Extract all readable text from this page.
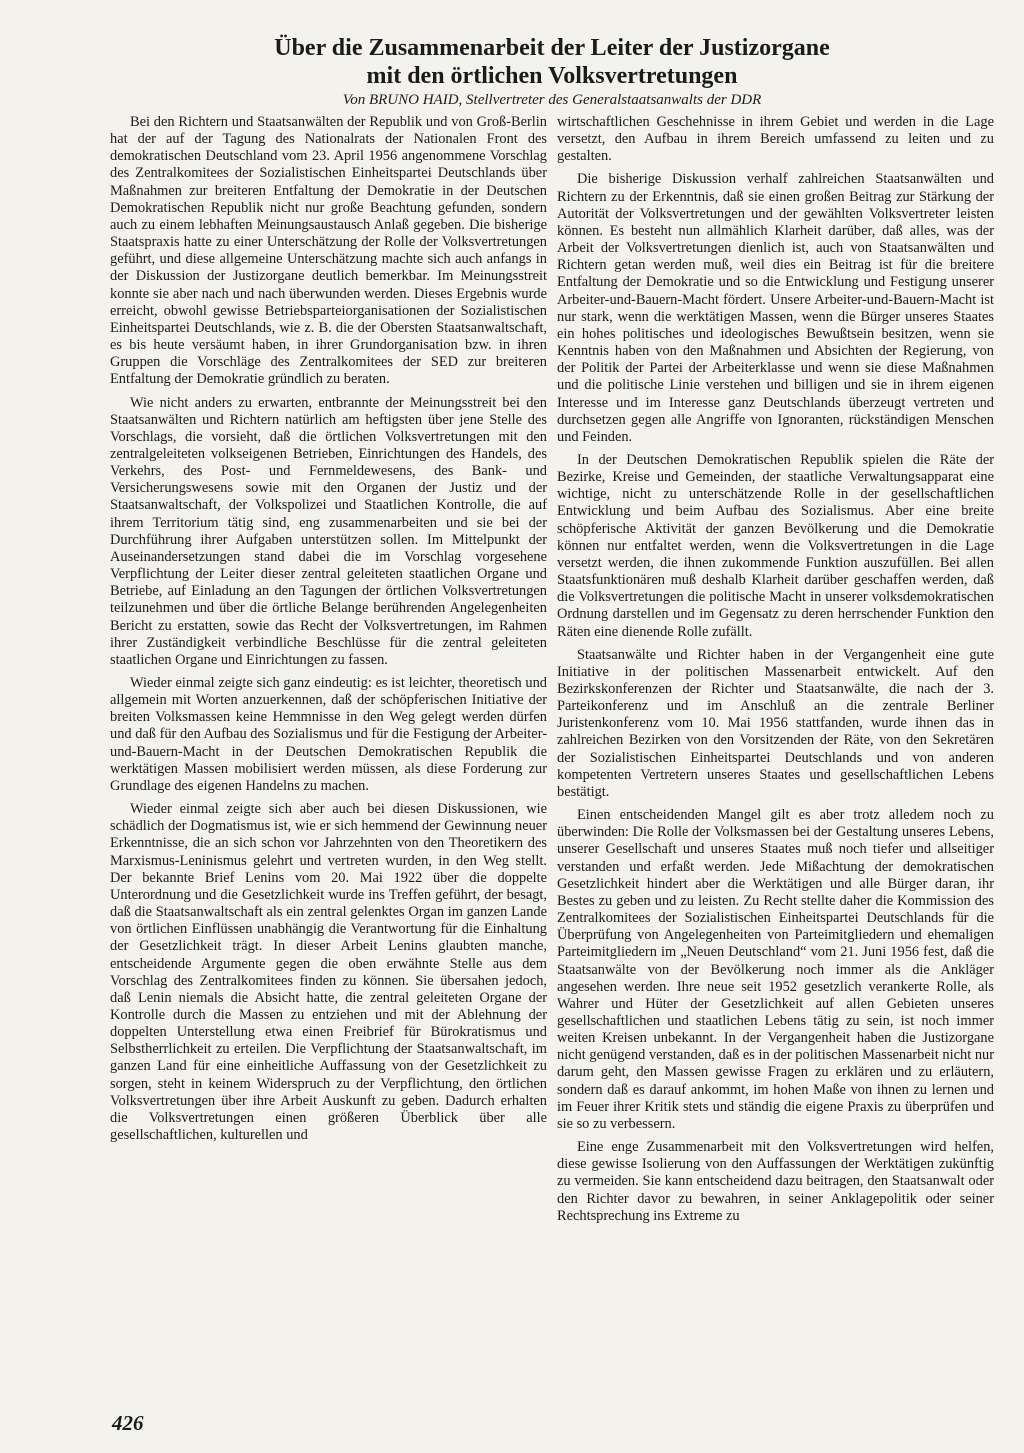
Über die Zusammenarbeit der Leiter der Justizorgane
mit den örtlichen Volksvertretungen

Von BRUNO HAID, Stellvertreter des Generalstaatsanwalts der DDR

Bei den Richtern und Staatsanwälten der Republik und von Groß-Berlin hat der auf der Tagung des Nationalrats der Nationalen Front des demokratischen Deutschland vom 23. April 1956 angenommene Vorschlag des Zentralkomitees der Sozialistischen Einheitspartei Deutschlands über Maßnahmen zur breiteren Entfaltung der Demokratie in der Deutschen Demokratischen Republik nicht nur große Beachtung gefunden, sondern auch zu einem lebhaften Meinungsaustausch Anlaß gegeben. Die bisherige Staatspraxis hatte zu einer Unterschätzung der Rolle der Volksvertretungen geführt, und diese allgemeine Unterschätzung machte sich auch anfangs in der Diskussion der Justizorgane deutlich bemerkbar. Im Meinungsstreit konnte sie aber nach und nach überwunden werden. Dieses Ergebnis wurde erreicht, obwohl gewisse Betriebsparteiorganisationen der Sozialistischen Einheitspartei Deutschlands, wie z. B. die der Obersten Staatsanwaltschaft, es bis heute versäumt haben, in ihrer Grundorganisation bzw. in ihren Gruppen die Vorschläge des Zentralkomitees der SED zur breiteren Entfaltung der Demokratie gründlich zu beraten.

Wie nicht anders zu erwarten, entbrannte der Meinungsstreit bei den Staatsanwälten und Richtern natürlich am heftigsten über jene Stelle des Vorschlags, die vorsieht, daß die örtlichen Volksvertretungen mit den zentralgeleiteten volkseigenen Betrieben, Einrichtungen des Handels, des Verkehrs, des Post- und Fernmeldewesens, des Bank- und Versicherungswesens sowie mit den Organen der Justiz und der Staatsanwaltschaft, der Volkspolizei und Staatlichen Kontrolle, die auf ihrem Territorium tätig sind, eng zusammenarbeiten und sie bei der Durchführung ihrer Aufgaben unterstützen sollen. Im Mittelpunkt der Auseinandersetzungen stand dabei die im Vorschlag vorgesehene Verpflichtung der Leiter dieser zentral geleiteten staatlichen Organe und Betriebe, auf Einladung an den Tagungen der örtlichen Volksvertretungen teilzunehmen und über die örtliche Belange berührenden Angelegenheiten Bericht zu erstatten, sowie das Recht der Volksvertretungen, im Rahmen ihrer Zuständigkeit verbindliche Beschlüsse für die zentral geleiteten staatlichen Organe und Einrichtungen zu fassen.

Wieder einmal zeigte sich ganz eindeutig: es ist leichter, theoretisch und allgemein mit Worten anzuerkennen, daß der schöpferischen Initiative der breiten Volksmassen keine Hemmnisse in den Weg gelegt werden dürfen und daß für den Aufbau des Sozialismus und für die Festigung der Arbeiter-und-Bauern-Macht in der Deutschen Demokratischen Republik die werktätigen Massen mobilisiert werden müssen, als diese Forderung zur Grundlage des eigenen Handelns zu machen.

Wieder einmal zeigte sich aber auch bei diesen Diskussionen, wie schädlich der Dogmatismus ist, wie er sich hemmend der Gewinnung neuer Erkenntnisse, die an sich schon vor Jahrzehnten von den Theoretikern des Marxismus-Leninismus gelehrt und vertreten wurden, in den Weg stellt. Der bekannte Brief Lenins vom 20. Mai 1922 über die doppelte Unterordnung und die Gesetzlichkeit wurde ins Treffen geführt, der besagt, daß die Staatsanwaltschaft als ein zentral gelenktes Organ im ganzen Lande von örtlichen Einflüssen unabhängig die Verantwortung für die Einhaltung der Gesetzlichkeit trägt. In dieser Arbeit Lenins glaubten manche, entscheidende Argumente gegen die oben erwähnte Stelle aus dem Vorschlag des Zentralkomitees finden zu können. Sie übersahen jedoch, daß Lenin niemals die Absicht hatte, die zentral geleiteten Organe der Kontrolle durch die Massen zu entziehen und mit der Ablehnung der doppelten Unterstellung etwa einen Freibrief für Bürokratismus und Selbstherrlichkeit zu erteilen. Die Verpflichtung der Staatsanwaltschaft, im ganzen Land für eine einheitliche Auffassung von der Gesetzlichkeit zu sorgen, steht in keinem Widerspruch zu der Verpflichtung, den örtlichen Volksvertretungen über ihre Arbeit Auskunft zu geben. Dadurch erhalten die Volksvertretungen einen größeren Überblick über alle gesellschaftlichen, kulturellen und

wirtschaftlichen Geschehnisse in ihrem Gebiet und werden in die Lage versetzt, den Aufbau in ihrem Bereich umfassend zu leiten und zu gestalten.

Die bisherige Diskussion verhalf zahlreichen Staatsanwälten und Richtern zu der Erkenntnis, daß sie einen großen Beitrag zur Stärkung der Autorität der Volksvertretungen und der gewählten Volksvertreter leisten können. Es besteht nun allmählich Klarheit darüber, daß alles, was der Arbeit der Volksvertretungen dienlich ist, auch von Staatsanwälten und Richtern getan werden muß, weil dies ein Beitrag ist für die breitere Entfaltung der Demokratie und so die Entwicklung und Festigung unserer Arbeiter-und-Bauern-Macht fördert. Unsere Arbeiter-und-Bauern-Macht ist nur stark, wenn die werktätigen Massen, wenn die Bürger unseres Staates ein hohes politisches und ideologisches Bewußtsein besitzen, wenn sie Kenntnis haben von den Maßnahmen und Absichten der Regierung, von der Politik der Partei der Arbeiterklasse und wenn sie diese Maßnahmen und die politische Linie verstehen und billigen und sie in ihrem eigenen Interesse und im Interesse ganz Deutschlands überzeugt vertreten und durchsetzen gegen alle Angriffe von Ignoranten, rückständigen Menschen und Feinden.

In der Deutschen Demokratischen Republik spielen die Räte der Bezirke, Kreise und Gemeinden, der staatliche Verwaltungsapparat eine wichtige, nicht zu unterschätzende Rolle in der gesellschaftlichen Entwicklung und beim Aufbau des Sozialismus. Aber eine breite schöpferische Aktivität der ganzen Bevölkerung und die Demokratie können nur entfaltet werden, wenn die Volksvertretungen in die Lage versetzt werden, die ihnen zukommende Funktion auszufüllen. Bei allen Staatsfunktionären muß deshalb Klarheit darüber geschaffen werden, daß die Volksvertretungen die politische Macht in unserer volksdemokratischen Ordnung darstellen und im Gegensatz zu deren herrschender Funktion den Räten eine dienende Rolle zufällt.

Staatsanwälte und Richter haben in der Vergangenheit eine gute Initiative in der politischen Massenarbeit entwickelt. Auf den Bezirkskonferenzen der Richter und Staatsanwälte, die nach der 3. Parteikonferenz und im Anschluß an die zentrale Berliner Juristenkonferenz vom 10. Mai 1956 stattfanden, wurde ihnen das in zahlreichen Bezirken von den Vorsitzenden der Räte, von den Sekretären der Sozialistischen Einheitspartei Deutschlands und von anderen kompetenten Vertretern unseres Staates und gesellschaftlichen Lebens bestätigt.

Einen entscheidenden Mangel gilt es aber trotz alledem noch zu überwinden: Die Rolle der Volksmassen bei der Gestaltung unseres Lebens, unserer Gesellschaft und unseres Staates muß noch tiefer und allseitiger verstanden und erfaßt werden. Jede Mißachtung der demokratischen Gesetzlichkeit hindert aber die Werktätigen und alle Bürger daran, ihr Bestes zu geben und zu leisten. Zu Recht stellte daher die Kommission des Zentralkomitees der Sozialistischen Einheitspartei Deutschlands für die Überprüfung von Angelegenheiten von Parteimitgliedern und ehemaligen Parteimitgliedern im „Neuen Deutschland“ vom 21. Juni 1956 fest, daß die Staatsanwälte von der Bevölkerung noch immer als die Ankläger angesehen werden. Ihre neue seit 1952 gesetzlich verankerte Rolle, als Wahrer und Hüter der Gesetzlichkeit auf allen Gebieten unseres gesellschaftlichen und staatlichen Lebens tätig zu sein, ist noch immer weiten Kreisen unbekannt. In der Vergangenheit haben die Justizorgane nicht genügend verstanden, daß es in der politischen Massenarbeit nicht nur darum geht, den Massen gewisse Fragen zu erklären und zu erläutern, sondern daß es darauf ankommt, im hohen Maße von ihnen zu lernen und im Feuer ihrer Kritik stets und ständig die eigene Praxis zu überprüfen und sie so zu verbessern.

Eine enge Zusammenarbeit mit den Volksvertretungen wird helfen, diese gewisse Isolierung von den Auffassungen der Werktätigen zukünftig zu vermeiden. Sie kann entscheidend dazu beitragen, den Staatsanwalt oder den Richter davor zu bewahren, in seiner Anklagepolitik oder seiner Rechtsprechung ins Extreme zu

426
